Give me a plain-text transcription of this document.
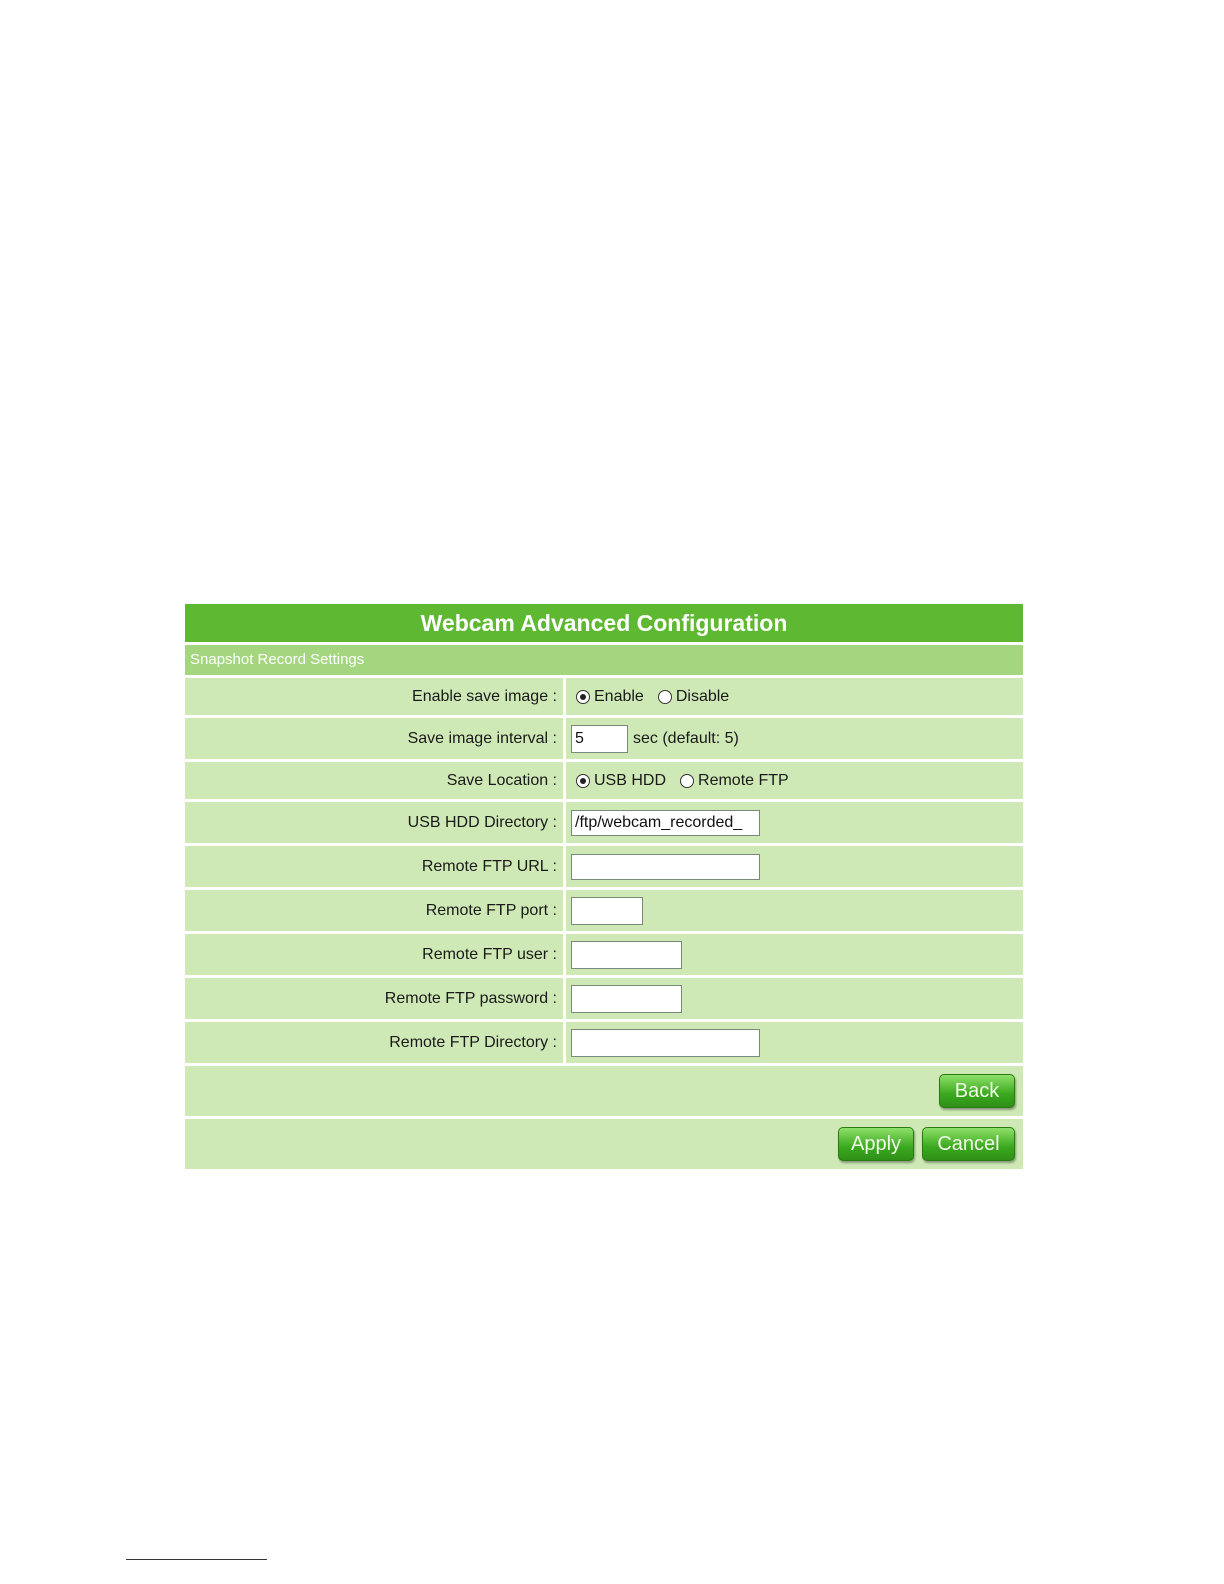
Webcam Advanced Configuration
Snapshot Record Settings
Enable save image :	Enable Disable
Save image interval :
5	sec (default: 5)
Save Location :	USB HDD Remote FTP
USB HDD Directory :
/ftp/webcam_recorded_
Remote FTP URL :
Remote FTP port :
Remote FTP user :
Remote FTP password :
Remote FTP Directory :
Back
Apply	Cancel
